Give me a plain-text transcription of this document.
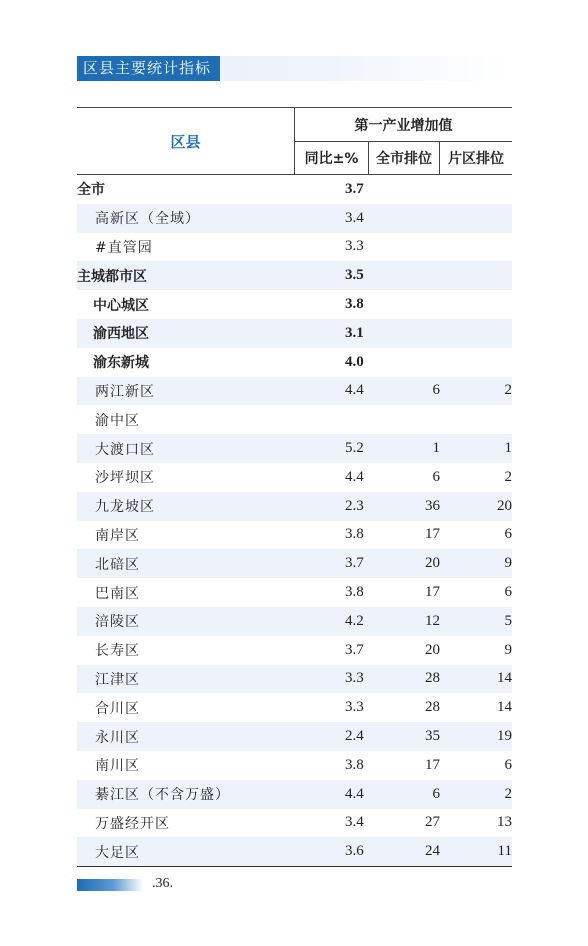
区县主要统计指标
区县
第一产业增加值
同比±%	全市排位	片区排位
全市	3.7
高新区（全域）	3.4
#直管园	3.3
主城都市区	3.5
中心城区	3.8
渝西地区	3.1
渝东新城	4.0
两江新区	4.4	6	2
渝中区
大渡口区	5.2	1	1
沙坪坝区	4.4	6	2
九龙坡区	2.3	36	20
南岸区	3.8	17	6
北碚区	3.7	20	9
巴南区	3.8	17	6
涪陵区	4.2	12	5
长寿区	3.7	20	9
江津区	3.3	28	14
合川区	3.3	28	14
永川区	2.4	35	19
南川区	3.8	17	6
綦江区（不含万盛）	4.4	6	2
万盛经开区	3.4	27	13
大足区	3.6	24	11
.36.
